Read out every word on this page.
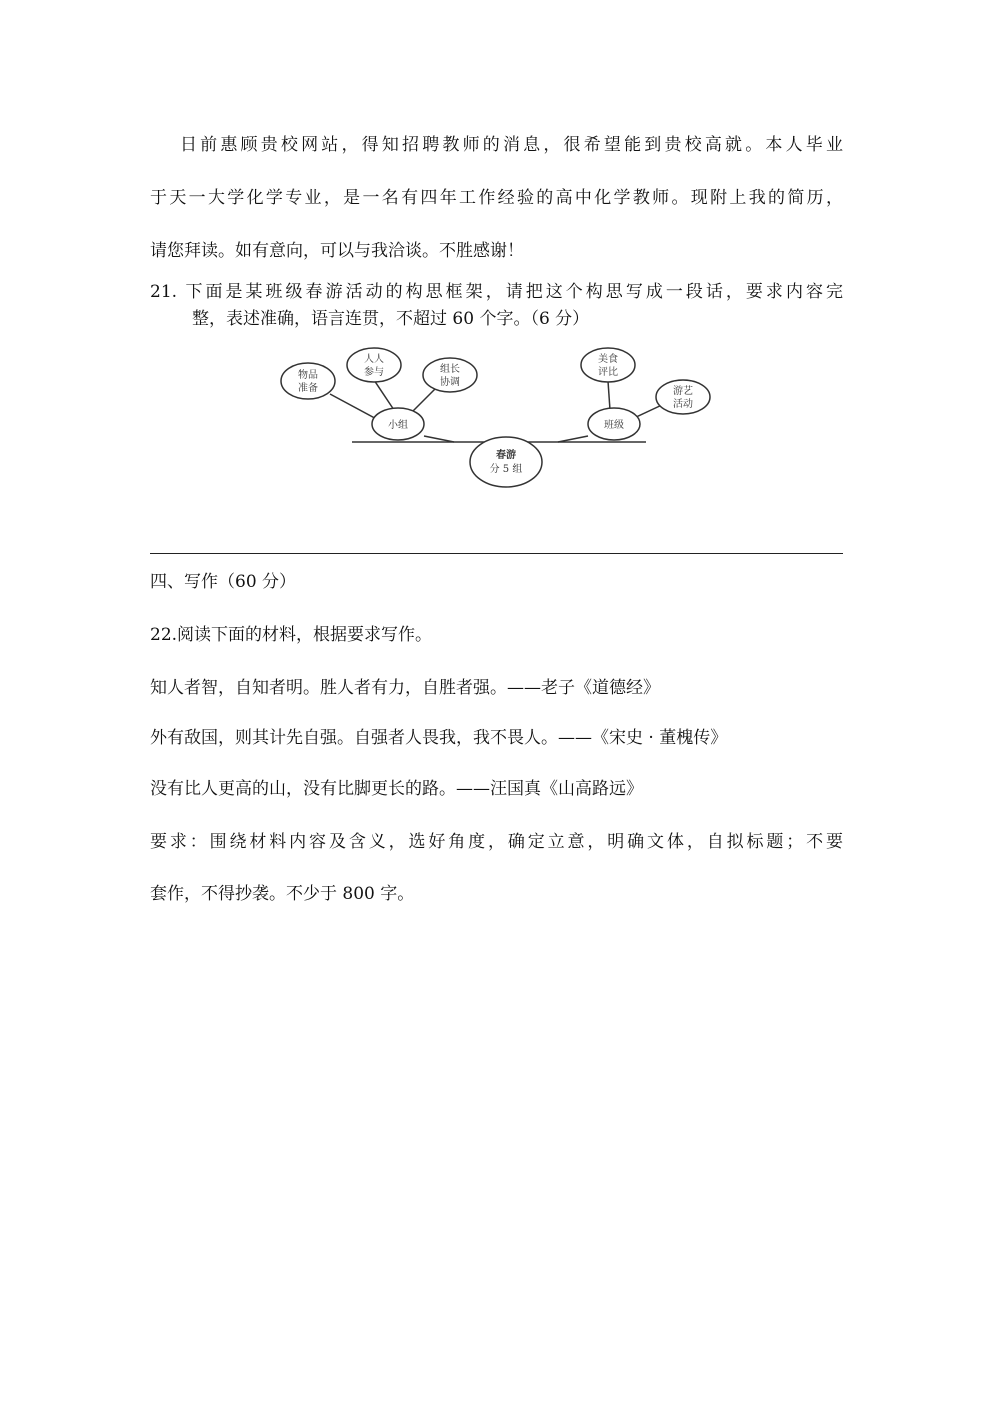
日前惠顾贵校网站，得知招聘教师的消息，很希望能到贵校高就。本人毕业
于天一大学化学专业，是一名有四年工作经验的高中化学教师。现附上我的简历，
请您拜读。如有意向，可以与我洽谈。不胜感谢！
21. 下面是某班级春游活动的构思框架，请把这个构思写成一段话，要求内容完
整，表述准确，语言连贯，不超过 60 个字。（6 分）
物品
准备
人人
参与	组长
协调
小组
春游
分 5 组
美食
评比
游艺
活动
班级
四、写作（60 分）
22.阅读下面的材料，根据要求写作。
知人者智，自知者明。胜人者有力，自胜者强。——老子《道德经》
外有敌国，则其计先自强。自强者人畏我，我不畏人。——《宋史 · 董槐传》
没有比人更高的山，没有比脚更长的路。——汪国真《山高路远》
要求：围绕材料内容及含义，选好角度，确定立意，明确文体，自拟标题；不要
套作，不得抄袭。不少于 800 字。
